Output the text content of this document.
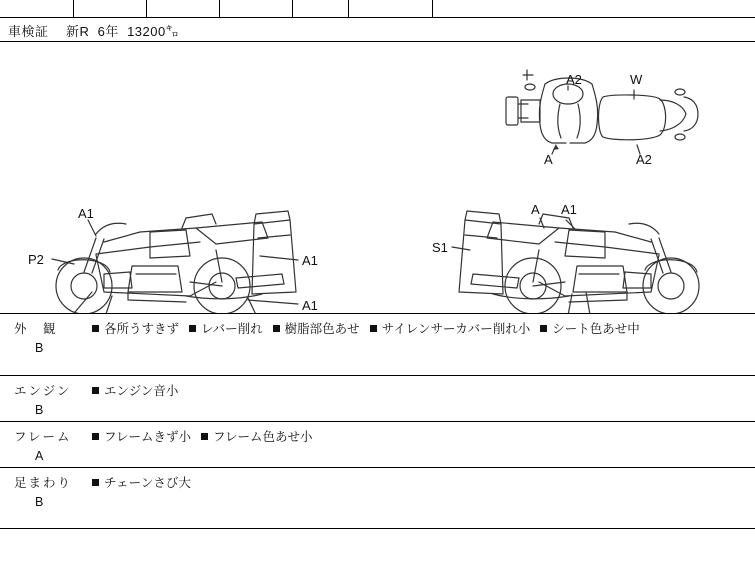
車検証 新R  6年  13200㌔
A2	W
A	A2
A1
P2	A1
A1
A A1
S1
外　観
B
各所うすきず レバー削れ 樹脂部色あせ サイレンサーカバー削れ小 シート色あせ中
エンジン
B
エンジン音小
フレーム
A
フレームきず小 フレーム色あせ小
足まわり
B
チェーンさび大
